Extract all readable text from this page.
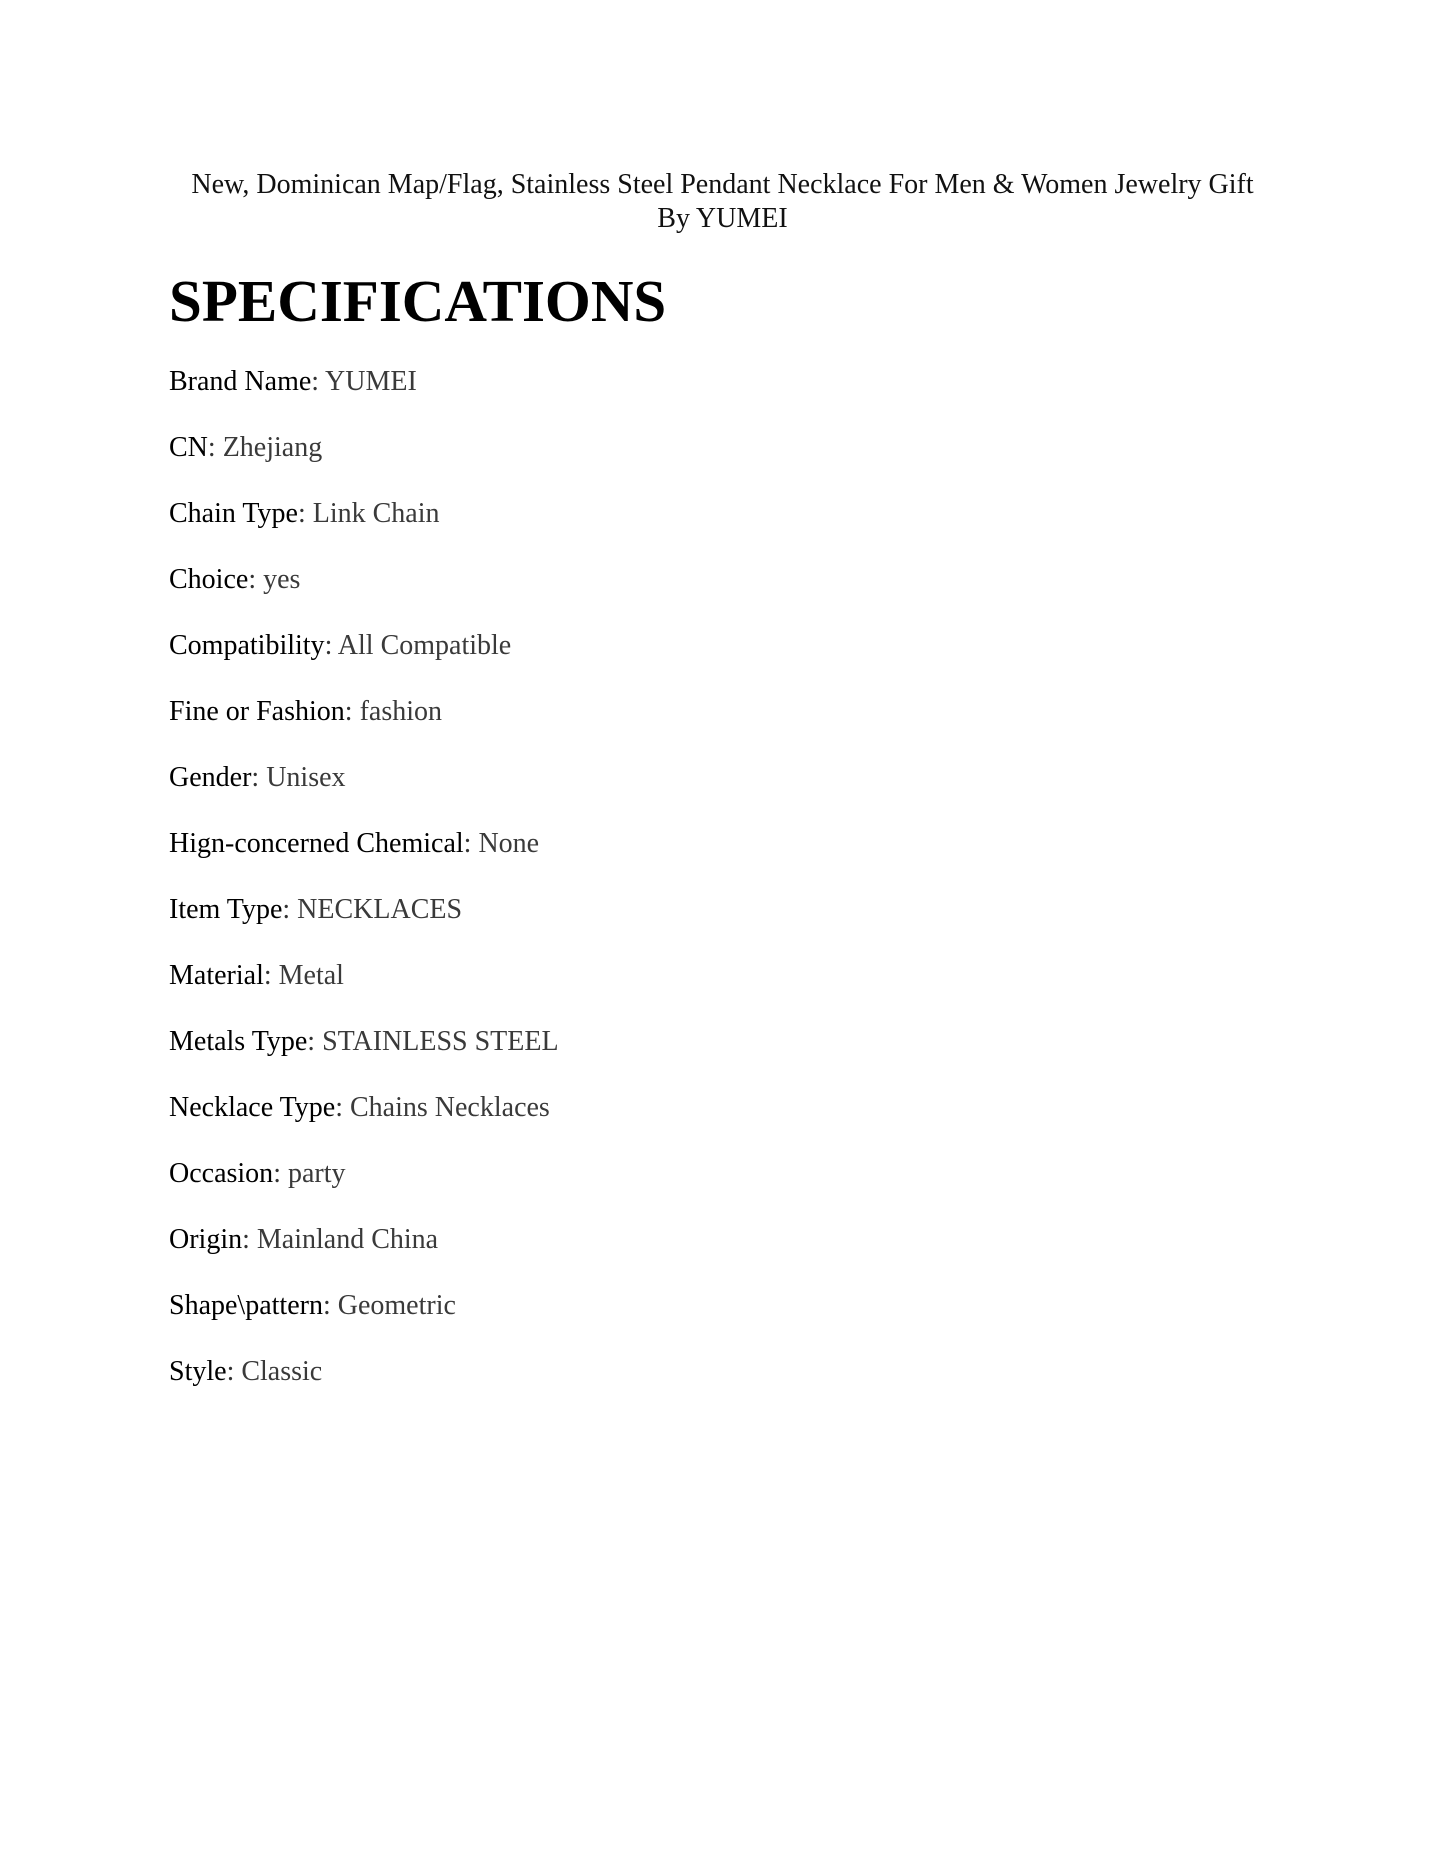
New, Dominican Map/Flag, Stainless Steel Pendant Necklace For Men & Women Jewelry Gift
By YUMEI
SPECIFICATIONS
Brand Name: YUMEI
CN: Zhejiang
Chain Type: Link Chain
Choice: yes
Compatibility: All Compatible
Fine or Fashion: fashion
Gender: Unisex
Hign-concerned Chemical: None
Item Type: NECKLACES
Material: Metal
Metals Type: STAINLESS STEEL
Necklace Type: Chains Necklaces
Occasion: party
Origin: Mainland China
Shape\pattern: Geometric
Style: Classic
